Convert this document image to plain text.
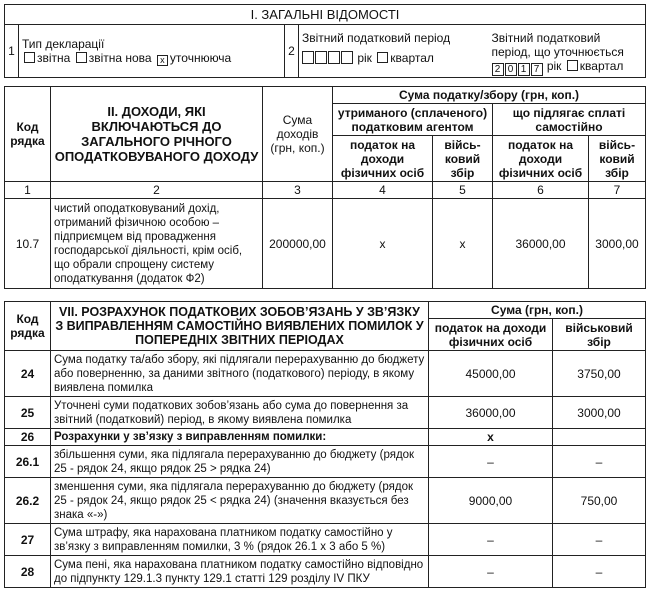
I. ЗАГАЛЬНІ ВІДОМОСТІ
1	
Тип декларації
звітна звітна нова x уточнююча	2	
Звітний податковий період
рік квартал

Звітний податковий
період, що уточнюється
2 0 1 7 рік квартал
Код рядка	II. ДОХОДИ, ЯКІ ВКЛЮЧАЮТЬСЯ ДО ЗАГАЛЬНОГО РІЧНОГО ОПОДАТКОВУВАНОГО ДОХОДУ	Сума доходів (грн, коп.)	Сума податку/збору (грн, коп.)			
			утриманого (сплаченого) податковим агентом		що підлягає сплаті самостійно	
			податок на доходи фізичних осіб	військовий збір	податок на доходи фізичних осіб	військовий збір
1	2	3	4	5	6	7
10.7	чистий оподатковуваний дохід, отриманий фізичною особою – підприємцем від провадження господарської діяльності, крім осіб, що обрали спрощену систему оподаткування (додаток Ф2)	200000,00	x	x	36000,00	3000,00
Код рядка	VII. РОЗРАХУНОК ПОДАТКОВИХ ЗОБОВ’ЯЗАНЬ У ЗВ’ЯЗКУ З ВИПРАВЛЕННЯМ САМОСТІЙНО ВИЯВЛЕНИХ ПОМИЛОК У ПОПЕРЕДНІХ ЗВІТНИХ ПЕРІОДАХ	Сума (грн, коп.)	
		податок на доходи фізичних осіб	військовий збір
24	Сума податку та/або збору, які підлягали перерахуванню до бюджету або поверненню, за даними звітного (податкового) періоду, в якому виявлена помилка	45000,00	3750,00
25	Уточнені суми податкових зобов’язань або сума до повернення за звітний (податковий) період, в якому виявлена помилка	36000,00	3000,00
26	Розрахунки у зв’язку з виправленням помилки:	x	
26.1	збільшення суми, яка підлягала перерахуванню до бюджету (рядок 25 - рядок 24, якщо рядок 25 > рядка 24)	–	–
26.2	зменшення суми, яка підлягала перерахуванню до бюджету (рядок 25 - рядок 24, якщо рядок 25 < рядка 24) (значення вказується без знака «-»)	9000,00	750,00
27	Сума штрафу, яка нарахована платником податку самостійно у зв’язку з виправленням помилки, 3 % (рядок 26.1 х 3 або 5 %)	–	–
28	Сума пені, яка нарахована платником податку самостійно відповідно до підпункту 129.1.3 пункту 129.1 статті 129 розділу IV ПКУ	–	–
